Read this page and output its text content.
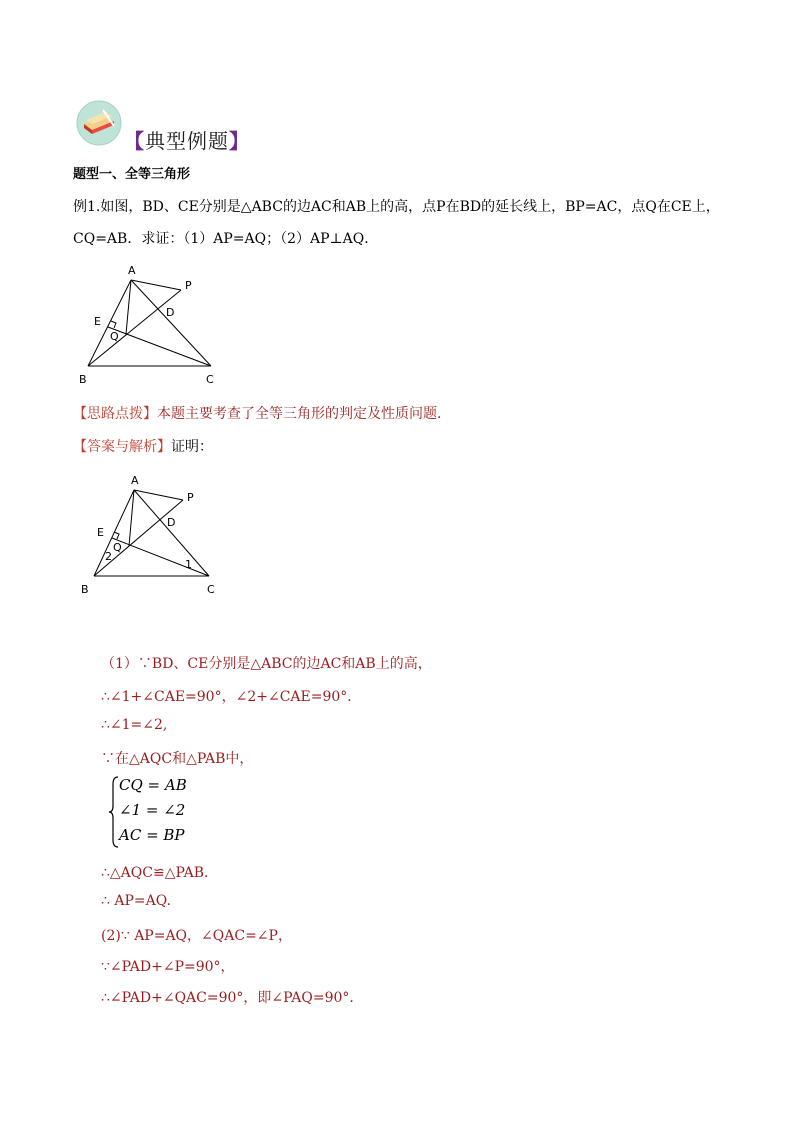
【典型例题】
题型一、全等三角形
例1.如图，BD、CE分别是△ABC的边AC和AB上的高，点P在BD的延长线上，BP=AC，点Q在CE上，
CQ=AB．求证：（1）AP=AQ；（2）AP⊥AQ．
A
P
D
E
Q
B	C
【思路点拨】本题主要考查了全等三角形的判定及性质问题．
【答案与解析】证明：
A
P
D
E
Q
2
1
B	C
（1）∵BD、CE分别是△ABC的边AC和AB上的高，
∴∠1+∠CAE=90°，∠2+∠CAE=90°．
∴∠1=∠2,
∵在△AQC和△PAB中，
CQ = AB
∠1 = ∠2
AC = BP
∴△AQC≌△PAB．
∴ AP=AQ.
(2)∵ AP=AQ，∠QAC=∠P，
∵∠PAD+∠P=90°，
∴∠PAD+∠QAC=90°，即∠PAQ=90°．
